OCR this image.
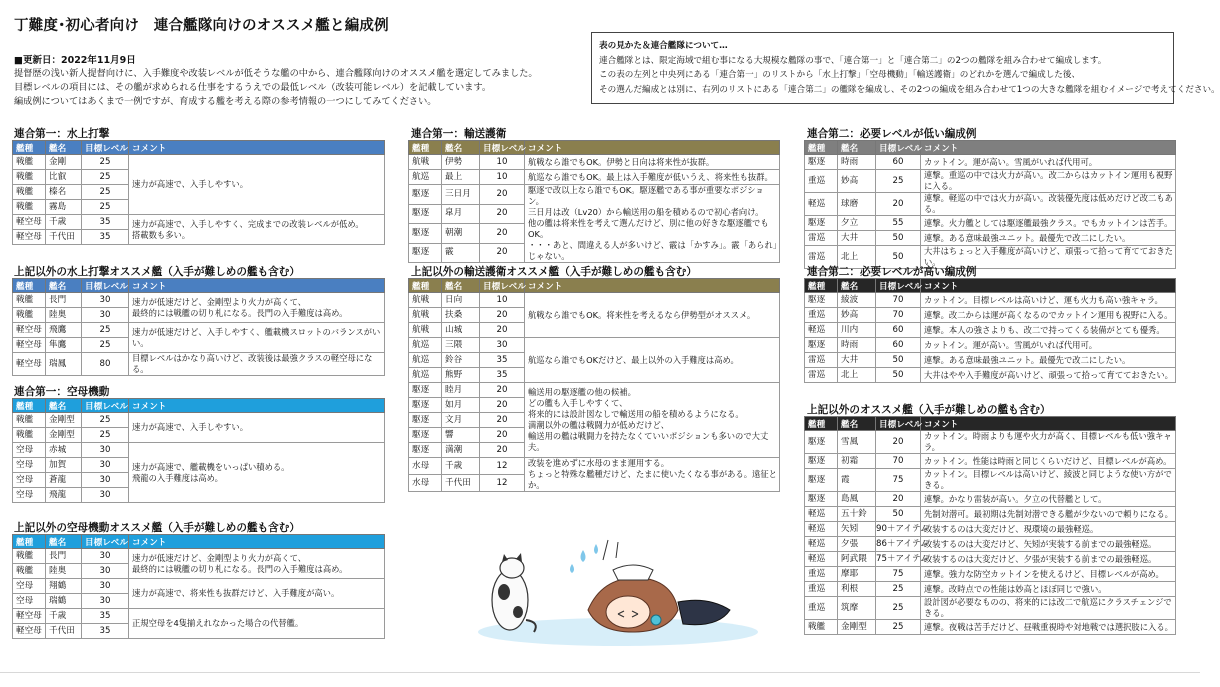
丁難度･初心者向け　連合艦隊向けのオススメ艦と編成例
■更新日：2022年11月9日
提督歴の浅い新人提督向けに、入手難度や改装レベルが低そうな艦の中から、連合艦隊向けのオススメ艦を選定してみました。
目標レベルの項目には、その艦が求められる仕事をするうえでの最低レベル（改装可能レベル）を記載しています。
編成例についてはあくまで一例ですが、育成する艦を考える際の参考情報の一つにしてみてください。
表の見かた＆連合艦隊について…
連合艦隊とは、限定海域で組む事になる大規模な艦隊の事で、「連合第一」と「連合第二」の2つの艦隊を組み合わせて編成します。
この表の左列と中央列にある「連合第一」のリストから「水上打撃」「空母機動」「輸送護衛」のどれかを選んで編成した後、
その選んだ編成とは別に、右列のリストにある「連合第二」の艦隊を編成し、その2つの編成を組み合わせて1つの大きな艦隊を組むイメージで考えてください。
連合第一：水上打撃
艦種	艦名	目標レベル	コメント
戦艦	金剛	25	速力が高速で、入手しやすい。
戦艦	比叡	25	
戦艦	榛名	25	
戦艦	霧島	25	
軽空母	千歳	35	速力が高速で、入手しやすく、完成までの改装レベルが低め。
搭載数も多い。
軽空母	千代田	35	
上記以外の水上打撃オススメ艦（入手が難しめの艦も含む）
艦種	艦名	目標レベル	コメント
戦艦	長門	30	速力が低速だけど、金剛型より火力が高くて、
最終的には戦艦の切り札になる。長門の入手難度は高め。
戦艦	陸奥	30	
軽空母	飛鷹	25	速力が低速だけど、入手しやすく、艦載機スロットのバランスがいい。
軽空母	隼鷹	25	
軽空母	瑞鳳	80	目標レベルはかなり高いけど、改装後は最強クラスの軽空母になる。
連合第一：空母機動
艦種	艦名	目標レベル	コメント
戦艦	金剛型	25	速力が高速で、入手しやすい。
戦艦	金剛型	25	
空母	赤城	30	速力が高速で、艦載機をいっぱい積める。
飛龍の入手難度は高め。
空母	加賀	30	
空母	蒼龍	30	
空母	飛龍	30	
上記以外の空母機動オススメ艦（入手が難しめの艦も含む）
艦種	艦名	目標レベル	コメント
戦艦	長門	30	速力が低速だけど、金剛型より火力が高くて、
最終的には戦艦の切り札になる。長門の入手難度は高め。
戦艦	陸奥	30	
空母	翔鶴	30	速力が高速で、将来性も抜群だけど、入手難度が高い。
空母	瑞鶴	30	
軽空母	千歳	35	正規空母を4隻揃えれなかった場合の代替艦。
軽空母	千代田	35	
連合第一：輸送護衛
艦種	艦名	目標レベル	コメント
航戦	伊勢	10	航戦なら誰でもOK。伊勢と日向は将来性が抜群。
航巡	最上	10	航巡なら誰でもOK。最上は入手難度が低いうえ、将来性も抜群。
駆逐	三日月	20	駆逐で改以上なら誰でもOK。駆逐艦である事が重要なポジション。
三日月は改（Lv20）から輸送用の船を積めるので初心者向け。
他の艦は将来性を考えて選んだけど、別に他の好きな駆逐艦でもOK。
・・・あと、間違える人が多いけど、霰は「かすみ」。霰「あられ」じゃない。
駆逐	皐月	20	
駆逐	朝潮	20	
駆逐	霰	20	
上記以外の輸送護衛オススメ艦（入手が難しめの艦も含む）
艦種	艦名	目標レベル	コメント
航戦	日向	10	航戦なら誰でもOK。将来性を考えるなら伊勢型がオススメ。
航戦	扶桑	20	
航戦	山城	20	
航巡	三隈	30	航巡なら誰でもOKだけど、最上以外の入手難度は高め。
航巡	鈴谷	35	
航巡	熊野	35	
駆逐	睦月	20	輸送用の駆逐艦の他の候補。
どの艦も入手しやすくて、
将来的には設計図なしで輸送用の船を積めるようになる。
満潮以外の艦は戦闘力が低めだけど、
輸送用の艦は戦闘力を持たなくていいポジションも多いので大丈夫。
駆逐	如月	20	
駆逐	文月	20	
駆逐	響	20	
駆逐	満潮	20	
水母	千歳	12	改装を進めずに水母のまま運用する。
ちょっと特殊な艦種だけど、たまに使いたくなる事がある。遠征とか。
水母	千代田	12	
連合第二：必要レベルが低い編成例
艦種	艦名	目標レベル	コメント
駆逐	時雨	60	カットイン。運が高い。雪風がいれば代用可。
重巡	妙高	25	連撃。重巡の中では火力が高い。改二からはカットイン運用も視野に入る。
軽巡	球磨	20	連撃。軽巡の中では火力が高い。改装優先度は低めだけど改二もある。
駆逐	夕立	55	連撃。火力艦としては駆逐艦最強クラス。でもカットインは苦手。
雷巡	大井	50	連撃。ある意味最強ユニット。最優先で改二にしたい。
雷巡	北上	50	大井はちょっと入手難度が高いけど、頑張って拾って育てておきたい。
連合第二：必要レベルが高い編成例
艦種	艦名	目標レベル	コメント
駆逐	綾波	70	カットイン。目標レベルは高いけど、運も火力も高い強キャラ。
重巡	妙高	70	連撃。改二からは運が高くなるのでカットイン運用も視野に入る。
軽巡	川内	60	連撃。本人の強さよりも、改二で持ってくる装備がとても優秀。
駆逐	時雨	60	カットイン。運が高い。雪風がいれば代用可。
雷巡	大井	50	連撃。ある意味最強ユニット。最優先で改二にしたい。
雷巡	北上	50	大井はやや入手難度が高いけど、頑張って拾って育てておきたい。
上記以外のオススメ艦（入手が難しめの艦も含む）
艦種	艦名	目標レベル	コメント
駆逐	雪風	20	カットイン。時雨よりも運や火力が高く、目標レベルも低い強キャラ。
駆逐	初霜	70	カットイン。性能は時雨と同じくらいだけど、目標レベルが高め。
駆逐	霞	75	カットイン。目標レベルは高いけど、綾波と同じような使い方ができる。
駆逐	島風	20	連撃。かなり雷装が高い。夕立の代替艦として。
軽巡	五十鈴	50	先制対潜可。最初期は先制対潜できる艦が少ないので頼りになる。
軽巡	矢矧	90＋アイテム	改装するのは大変だけど、現環境の最強軽巡。
軽巡	夕張	86＋アイテム	改装するのは大変だけど、矢矧が実装する前までの最強軽巡。
軽巡	阿武隈	75＋アイテム	改装するのは大変だけど、夕張が実装する前までの最強軽巡。
重巡	摩耶	75	連撃。強力な防空カットインを使えるけど、目標レベルが高め。
重巡	利根	25	連撃。改時点での性能は妙高とほぼ同じで強い。
重巡	筑摩	25	設計図が必要なものの、将来的には改二で航巡にクラスチェンジできる。
戦艦	金剛型	25	連撃。夜戦は苦手だけど、昼戦重視時や対地戦では選択肢に入る。
